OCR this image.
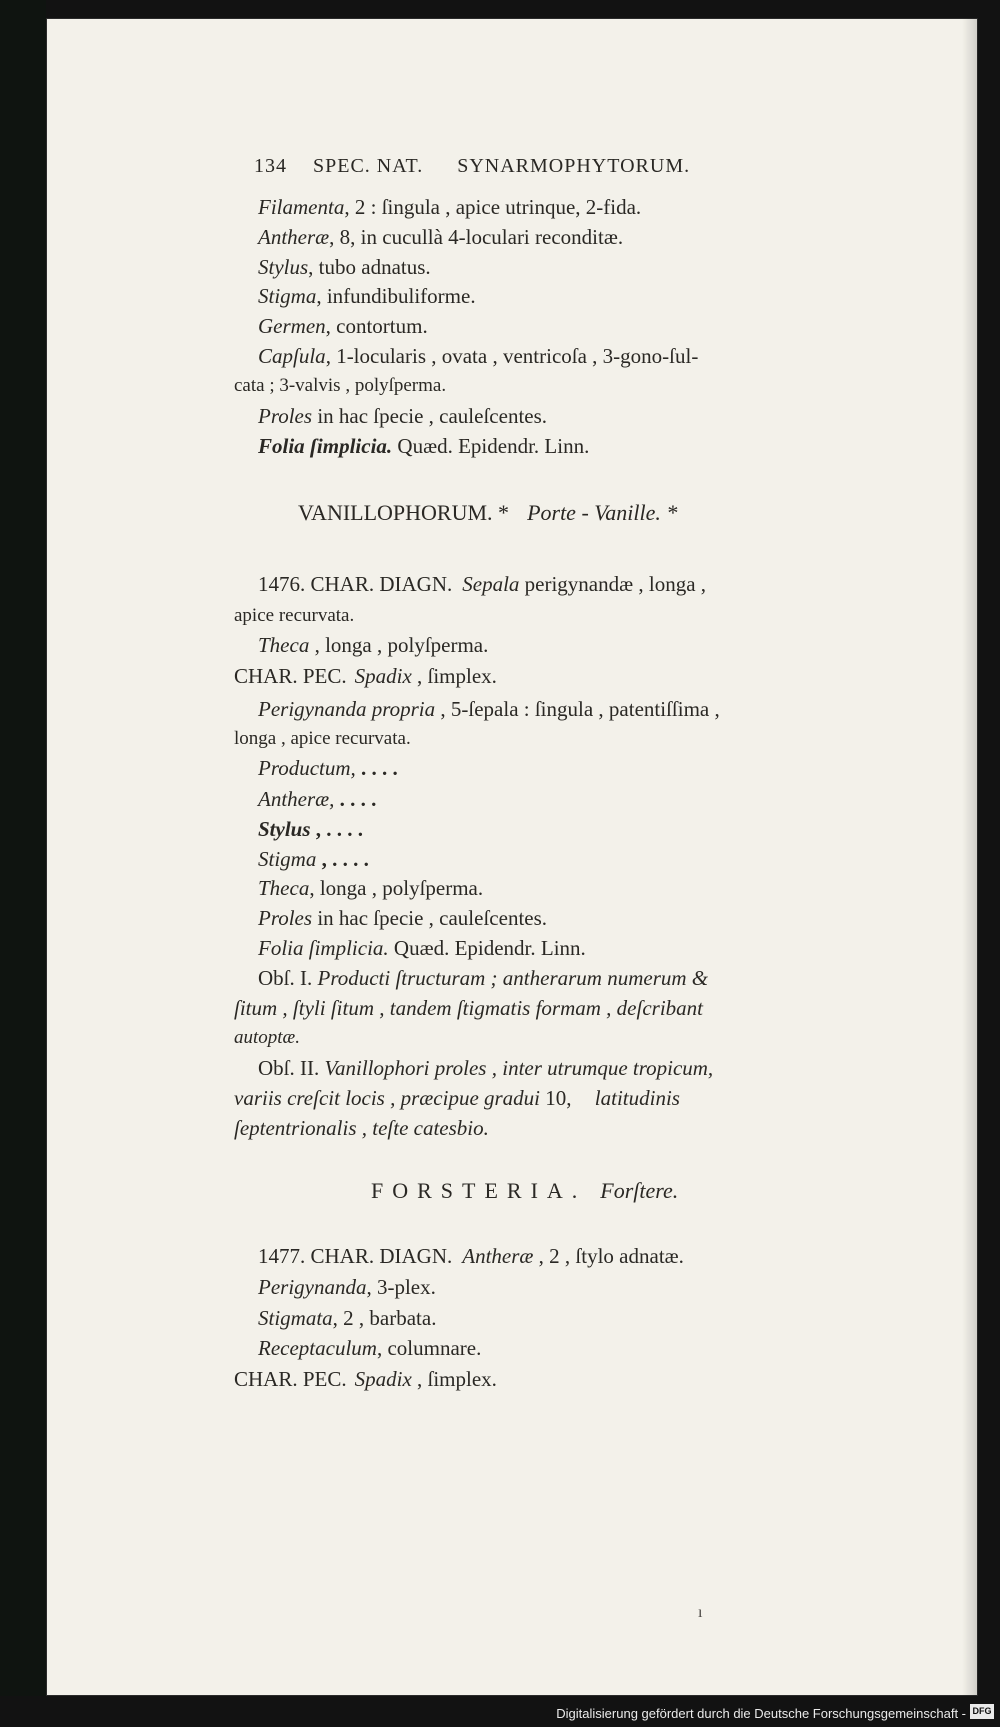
134 SPEC. NAT. SYNARMOPHYTORUM.
Filamenta, 2 : ſingula , apice utrinque, 2-fida.
Antheræ, 8, in cucullà 4-loculari reconditæ.
Stylus, tubo adnatus.
Stigma, infundibuliforme.
Germen, contortum.
Capſula, 1-locularis , ovata , ventricoſa , 3-gono-ſul-
cata ; 3-valvis , polyſperma.
Proles in hac ſpecie , cauleſcentes.
Folia ſimplicia. Quæd. Epidendr. Linn.
VANILLOPHORUM. * Porte - Vanille. *
1476. CHAR. DIAGN. Sepala perigynandæ , longa ,
apice recurvata.
Theca , longa , polyſperma.
CHAR. PEC. Spadix , ſimplex.
Perigynanda propria , 5-ſepala : ſingula , patentiſſima ,
longa , apice recurvata.
Productum, . . . .
Antheræ, . . . .
Stylus , . . . .
Stigma , . . . .
Theca, longa , polyſperma.
Proles in hac ſpecie , cauleſcentes.
Folia ſimplicia. Quæd. Epidendr. Linn.
Obſ. I. Producti ſtructuram ; antherarum numerum &
ſitum , ſtyli ſitum , tandem ſtigmatis formam , deſcribant
autoptæ.
Obſ. II. Vanillophori proles , inter utrumque tropicum,
variis creſcit locis , præcipue gradui 10, latitudinis
ſeptentrionalis , teſte catesbio.
FORSTERIA. Forſtere.
1477. CHAR. DIAGN. Antheræ , 2 , ſtylo adnatæ.
Perigynanda, 3-plex.
Stigmata, 2 , barbata.
Receptaculum, columnare.
CHAR. PEC. Spadix , ſimplex.
ı
Digitalisierung gefördert durch die Deutsche Forschungsgemeinschaft - DFG
